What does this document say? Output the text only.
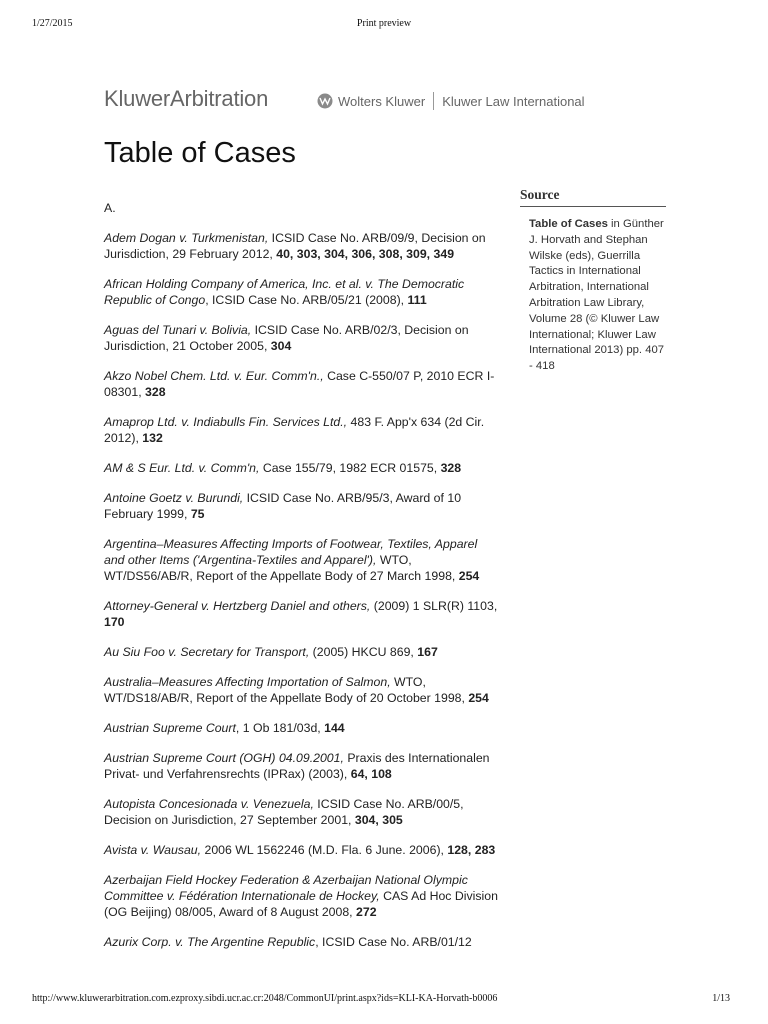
1/27/2015	Print preview
KluwerArbitration	Wolters Kluwer Kluwer Law International
Table of Cases
A.
Adem Dogan v. Turkmenistan, ICSID Case No. ARB/09/9, Decision on Jurisdiction, 29 February 2012, 40, 303, 304, 306, 308, 309, 349
African Holding Company of America, Inc. et al. v. The Democratic Republic of Congo, ICSID Case No. ARB/05/21 (2008), 111
Aguas del Tunari v. Bolivia, ICSID Case No. ARB/02/3, Decision on Jurisdiction, 21 October 2005, 304
Akzo Nobel Chem. Ltd. v. Eur. Comm'n., Case C-550/07 P, 2010 ECR I-08301, 328
Amaprop Ltd. v. Indiabulls Fin. Services Ltd., 483 F. App'x 634 (2d Cir. 2012), 132
AM & S Eur. Ltd. v. Comm'n, Case 155/79, 1982 ECR 01575, 328
Antoine Goetz v. Burundi, ICSID Case No. ARB/95/3, Award of 10 February 1999, 75
Argentina–Measures Affecting Imports of Footwear, Textiles, Apparel and other Items ('Argentina-Textiles and Apparel'), WTO, WT/DS56/AB/R, Report of the Appellate Body of 27 March 1998, 254
Attorney-General v. Hertzberg Daniel and others, (2009) 1 SLR(R) 1103, 170
Au Siu Foo v. Secretary for Transport, (2005) HKCU 869, 167
Australia–Measures Affecting Importation of Salmon, WTO, WT/DS18/AB/R, Report of the Appellate Body of 20 October 1998, 254
Austrian Supreme Court, 1 Ob 181/03d, 144
Austrian Supreme Court (OGH) 04.09.2001, Praxis des Internationalen Privat- und Verfahrensrechts (IPRax) (2003), 64, 108
Autopista Concesionada v. Venezuela, ICSID Case No. ARB/00/5, Decision on Jurisdiction, 27 September 2001, 304, 305
Avista v. Wausau, 2006 WL 1562246 (M.D. Fla. 6 June. 2006), 128, 283
Azerbaijan Field Hockey Federation & Azerbaijan National Olympic Committee v. Fédération Internationale de Hockey, CAS Ad Hoc Division (OG Beijing) 08/005, Award of 8 August 2008, 272
Azurix Corp. v. The Argentine Republic, ICSID Case No. ARB/01/12
Source
Table of Cases in Günther J. Horvath and Stephan Wilske (eds), Guerrilla Tactics in International Arbitration, International Arbitration Law Library, Volume 28 (© Kluwer Law International; Kluwer Law International 2013) pp. 407 - 418
http://www.kluwerarbitration.com.ezproxy.sibdi.ucr.ac.cr:2048/CommonUI/print.aspx?ids=KLI-KA-Horvath-b0006	1/13
